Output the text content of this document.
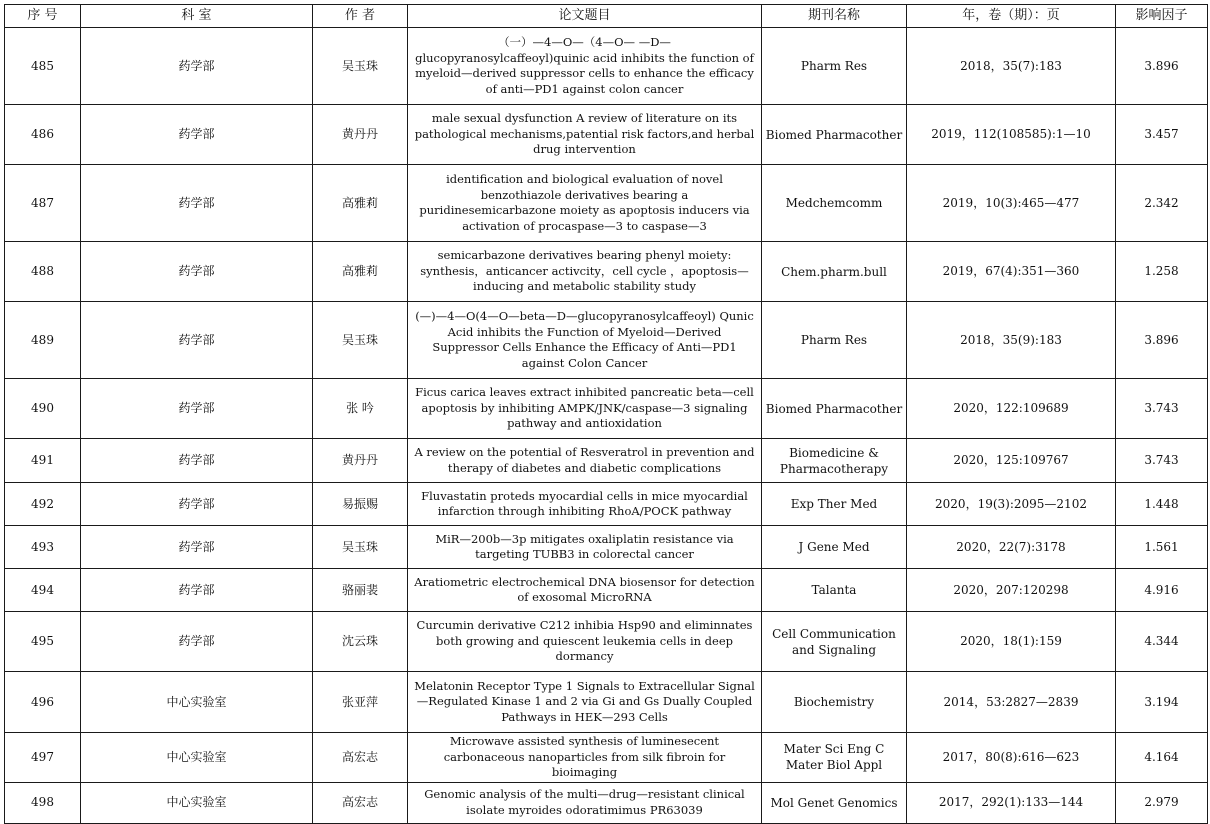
序 号	科 室	作 者	论文题目	期刊名称	年，卷（期）：页	影响因子
485	药学部	吴玉珠	（一）—4—O—（4—O— —D—glucopyranosylcaffeoyl)quinic acid inhibits the function of myeloid—derived suppressor cells to enhance the efficacy of anti—PD1 against colon cancer	Pharm Res	2018，35(7):183	3.896
486	药学部	黄丹丹	male sexual dysfunction A review of literature on its pathological mechanisms,patential risk factors,and herbal drug intervention	Biomed Pharmacother	2019，112(108585):1—10	3.457
487	药学部	高雅莉	identification and biological evaluation of novel benzothiazole derivatives bearing a puridinesemicarbazone moiety as apoptosis inducers via activation of procaspase—3 to caspase—3	Medchemcomm	2019，10(3):465—477	2.342
488	药学部	高雅莉	semicarbazone derivatives bearing phenyl moiety: synthesis，anticancer activcity，cell cycle ，apoptosis—inducing and metabolic stability study	Chem.pharm.bull	2019，67(4):351—360	1.258
489	药学部	吴玉珠	(—)—4—O(4—O—beta—D—glucopyranosylcaffeoyl) Qunic Acid inhibits the Function of Myeloid—Derived Suppressor Cells Enhance the Efficacy of Anti—PD1 against Colon Cancer	Pharm Res	2018，35(9):183	3.896
490	药学部	张 吟	Ficus carica leaves extract inhibited pancreatic beta—cell apoptosis by inhibiting AMPK/JNK/caspase—3 signaling pathway and antioxidation	Biomed Pharmacother	2020，122:109689	3.743
491	药学部	黄丹丹	A review on the potential of Resveratrol in prevention and therapy of diabetes and diabetic complications	Biomedicine & Pharmacotherapy	2020，125:109767	3.743
492	药学部	易振赐	Fluvastatin proteds myocardial cells in mice myocardial infarction through inhibiting RhoA/POCK pathway	Exp Ther Med	2020，19(3):2095—2102	1.448
493	药学部	吴玉珠	MiR—200b—3p mitigates oxaliplatin resistance via targeting TUBB3 in colorectal cancer	J Gene Med	2020，22(7):3178	1.561
494	药学部	骆丽裴	Aratiometric electrochemical DNA biosensor for detection of exosomal MicroRNA	Talanta	2020，207:120298	4.916
495	药学部	沈云珠	Curcumin derivative C212 inhibia Hsp90 and eliminnates both growing and quiescent leukemia cells in deep dormancy	Cell Communication and Signaling	2020，18(1):159	4.344
496	中心实验室	张亚萍	Melatonin Receptor Type 1 Signals to Extracellular Signal—Regulated Kinase 1 and 2 via Gi and Gs Dually Coupled Pathways in HEK—293 Cells	Biochemistry	2014，53:2827—2839	3.194
497	中心实验室	高宏志	Microwave assisted synthesis of luminesecent carbonaceous nanoparticles from silk fibroin for bioimaging	Mater Sci Eng C Mater Biol Appl	2017，80(8):616—623	4.164
498	中心实验室	高宏志	Genomic analysis of the multi—drug—resistant clinical isolate myroides odoratimimus PR63039	Mol Genet Genomics	2017，292(1):133—144	2.979
